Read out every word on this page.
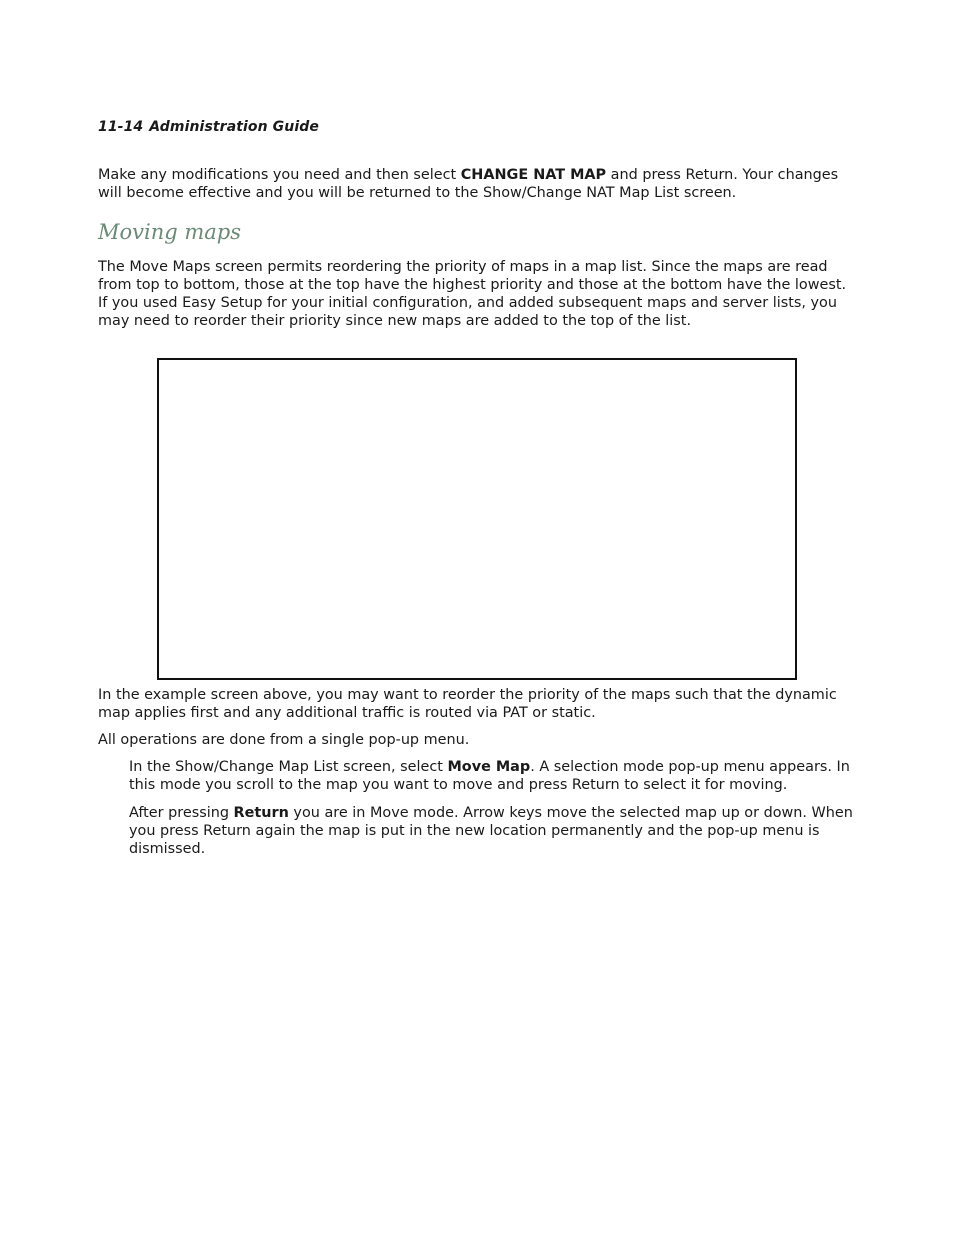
11-14 Administration Guide

Make any modifications you need and then select CHANGE NAT MAP and press Return. Your changes will become effective and you will be returned to the Show/Change NAT Map List screen.

Moving maps

The Move Maps screen permits reordering the priority of maps in a map list. Since the maps are read from top to bottom, those at the top have the highest priority and those at the bottom have the lowest. If you used Easy Setup for your initial configuration, and added subsequent maps and server lists, you may need to reorder their priority since new maps are added to the top of the list.

In the example screen above, you may want to reorder the priority of the maps such that the dynamic map applies first and any additional traffic is routed via PAT or static.

All operations are done from a single pop-up menu.

In the Show/Change Map List screen, select Move Map. A selection mode pop-up menu appears. In this mode you scroll to the map you want to move and press Return to select it for moving.

After pressing Return you are in Move mode. Arrow keys move the selected map up or down. When you press Return again the map is put in the new location permanently and the pop-up menu is dismissed.
